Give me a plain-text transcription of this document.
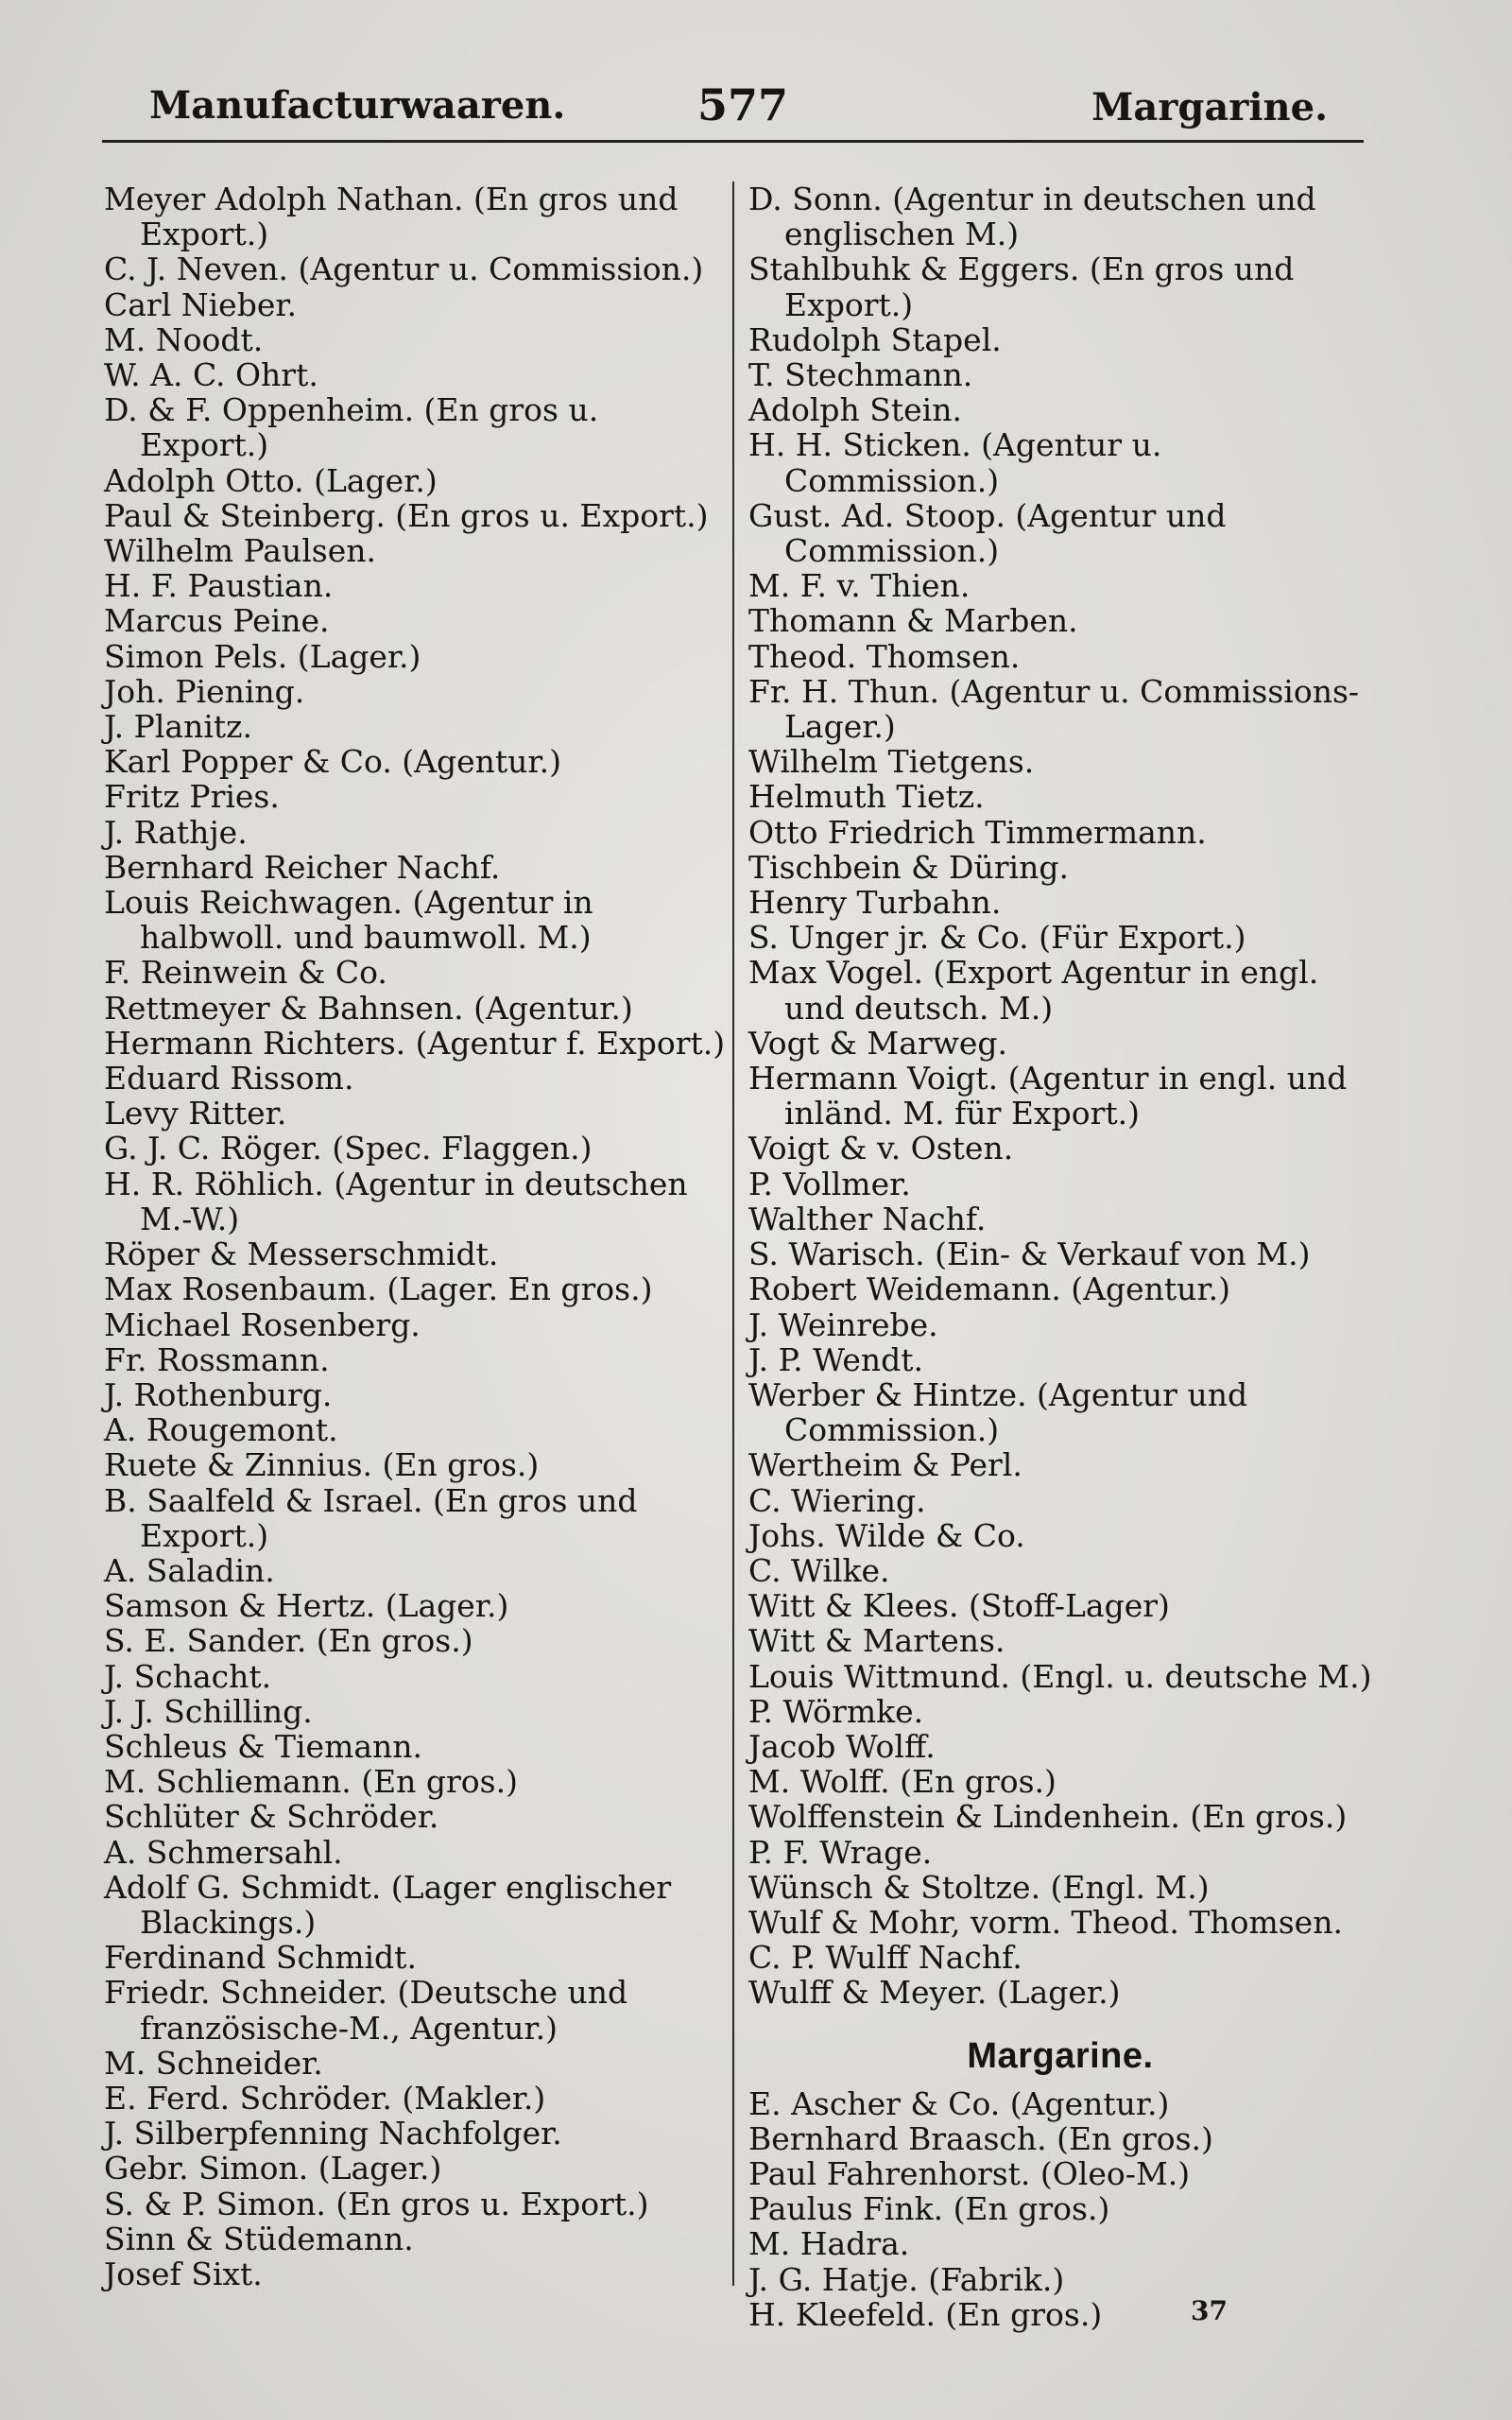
Manufacturwaaren.	577	Margarine.
Meyer Adolph Nathan. (En gros und Export.)
C. J. Neven. (Agentur u. Commission.)
Carl Nieber.
M. Noodt.
W. A. C. Ohrt.
D. & F. Oppenheim. (En gros u. Export.)
Adolph Otto. (Lager.)
Paul & Steinberg. (En gros u. Export.)
Wilhelm Paulsen.
H. F. Paustian.
Marcus Peine.
Simon Pels. (Lager.)
Joh. Piening.
J. Planitz.
Karl Popper & Co. (Agentur.)
Fritz Pries.
J. Rathje.
Bernhard Reicher Nachf.
Louis Reichwagen. (Agentur in halbwoll. und baumwoll. M.)
F. Reinwein & Co.
Rettmeyer & Bahnsen. (Agentur.)
Hermann Richters. (Agentur f. Export.)
Eduard Rissom.
Levy Ritter.
G. J. C. Röger. (Spec. Flaggen.)
H. R. Röhlich. (Agentur in deutschen M.-W.)
Röper & Messerschmidt.
Max Rosenbaum. (Lager. En gros.)
Michael Rosenberg.
Fr. Rossmann.
J. Rothenburg.
A. Rougemont.
Ruete & Zinnius. (En gros.)
B. Saalfeld & Israel. (En gros und Export.)
A. Saladin.
Samson & Hertz. (Lager.)
S. E. Sander. (En gros.)
J. Schacht.
J. J. Schilling.
Schleus & Tiemann.
M. Schliemann. (En gros.)
Schlüter & Schröder.
A. Schmersahl.
Adolf G. Schmidt. (Lager englischer Blackings.)
Ferdinand Schmidt.
Friedr. Schneider. (Deutsche und französische-M., Agentur.)
M. Schneider.
E. Ferd. Schröder. (Makler.)
J. Silberpfenning Nachfolger.
Gebr. Simon. (Lager.)
S. & P. Simon. (En gros u. Export.)
Sinn & Stüdemann.
Josef Sixt.
D. Sonn. (Agentur in deutschen und englischen M.)
Stahlbuhk & Eggers. (En gros und Export.)
Rudolph Stapel.
T. Stechmann.
Adolph Stein.
H. H. Sticken. (Agentur u. Commission.)
Gust. Ad. Stoop. (Agentur und Commission.)
M. F. v. Thien.
Thomann & Marben.
Theod. Thomsen.
Fr. H. Thun. (Agentur u. Commissions-Lager.)
Wilhelm Tietgens.
Helmuth Tietz.
Otto Friedrich Timmermann.
Tischbein & Düring.
Henry Turbahn.
S. Unger jr. & Co. (Für Export.)
Max Vogel. (Export Agentur in engl. und deutsch. M.)
Vogt & Marweg.
Hermann Voigt. (Agentur in engl. und inländ. M. für Export.)
Voigt & v. Osten.
P. Vollmer.
Walther Nachf.
S. Warisch. (Ein- & Verkauf von M.)
Robert Weidemann. (Agentur.)
J. Weinrebe.
J. P. Wendt.
Werber & Hintze. (Agentur und Commission.)
Wertheim & Perl.
C. Wiering.
Johs. Wilde & Co.
C. Wilke.
Witt & Klees. (Stoff-Lager)
Witt & Martens.
Louis Wittmund. (Engl. u. deutsche M.)
P. Wörmke.
Jacob Wolff.
M. Wolff. (En gros.)
Wolffenstein & Lindenhein. (En gros.)
P. F. Wrage.
Wünsch & Stoltze. (Engl. M.)
Wulf & Mohr, vorm. Theod. Thomsen.
C. P. Wulff Nachf.
Wulff & Meyer. (Lager.)
Margarine.
E. Ascher & Co. (Agentur.)
Bernhard Braasch. (En gros.)
Paul Fahrenhorst. (Oleo-M.)
Paulus Fink. (En gros.)
M. Hadra.
J. G. Hatje. (Fabrik.)
H. Kleefeld. (En gros.)	37
